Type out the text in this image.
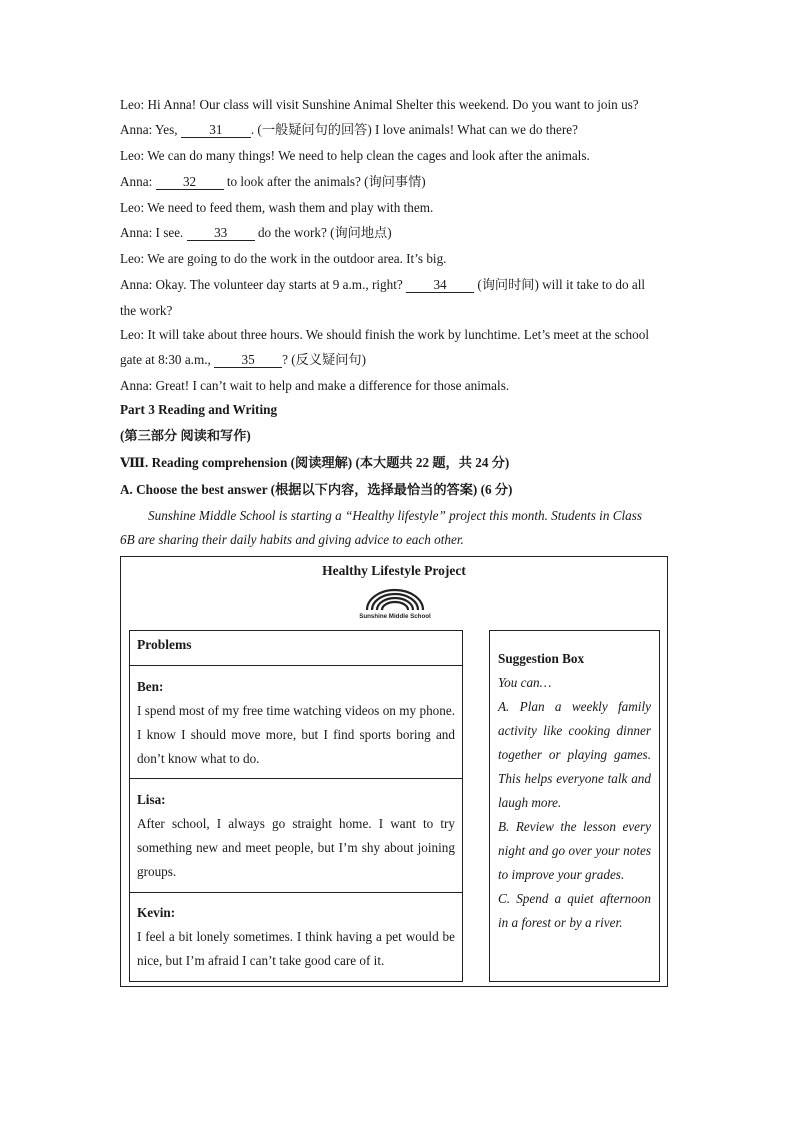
Leo: Hi Anna! Our class will visit Sunshine Animal Shelter this weekend. Do you want to join us?
Anna: Yes, 31 . (一般疑问句的回答) I love animals! What can we do there?
Leo: We can do many things! We need to help clean the cages and look after the animals.
Anna: 32 to look after the animals? (询问事情)
Leo: We need to feed them, wash them and play with them.
Anna: I see. 33 do the work? (询问地点)
Leo: We are going to do the work in the outdoor area. It’s big.
Anna: Okay. The volunteer day starts at 9 a.m., right? 34 (询问时间) will it take to do all
the work?
Leo: It will take about three hours. We should finish the work by lunchtime. Let’s meet at the school
gate at 8:30 a.m., 35 ? (反义疑问句)
Anna: Great! I can’t wait to help and make a difference for those animals.
Part 3 Reading and Writing
(第三部分 阅读和写作)
Ⅷ. Reading comprehension (阅读理解) (本大题共 22 题，共 24 分)
A. Choose the best answer (根据以下内容，选择最恰当的答案) (6 分)
Sunshine Middle School is starting a “Healthy lifestyle” project this month. Students in Class
6B are sharing their daily habits and giving advice to each other.
Healthy Lifestyle Project
Sunshine Middle School
Problems
Ben:
I spend most of my free time watching videos on my phone. I know I should move more, but I find sports boring and don’t know what to do.
Lisa:
After school, I always go straight home. I want to try something new and meet people, but I’m shy about joining groups.
Kevin:
I feel a bit lonely sometimes. I think having a pet would be nice, but I’m afraid I can’t take good care of it.
Suggestion Box
You can…
A. Plan a weekly family activity like cooking dinner together or playing games. This helps everyone talk and laugh more.
B. Review the lesson every night and go over your notes to improve your grades.
C. Spend a quiet afternoon in a forest or by a river.
